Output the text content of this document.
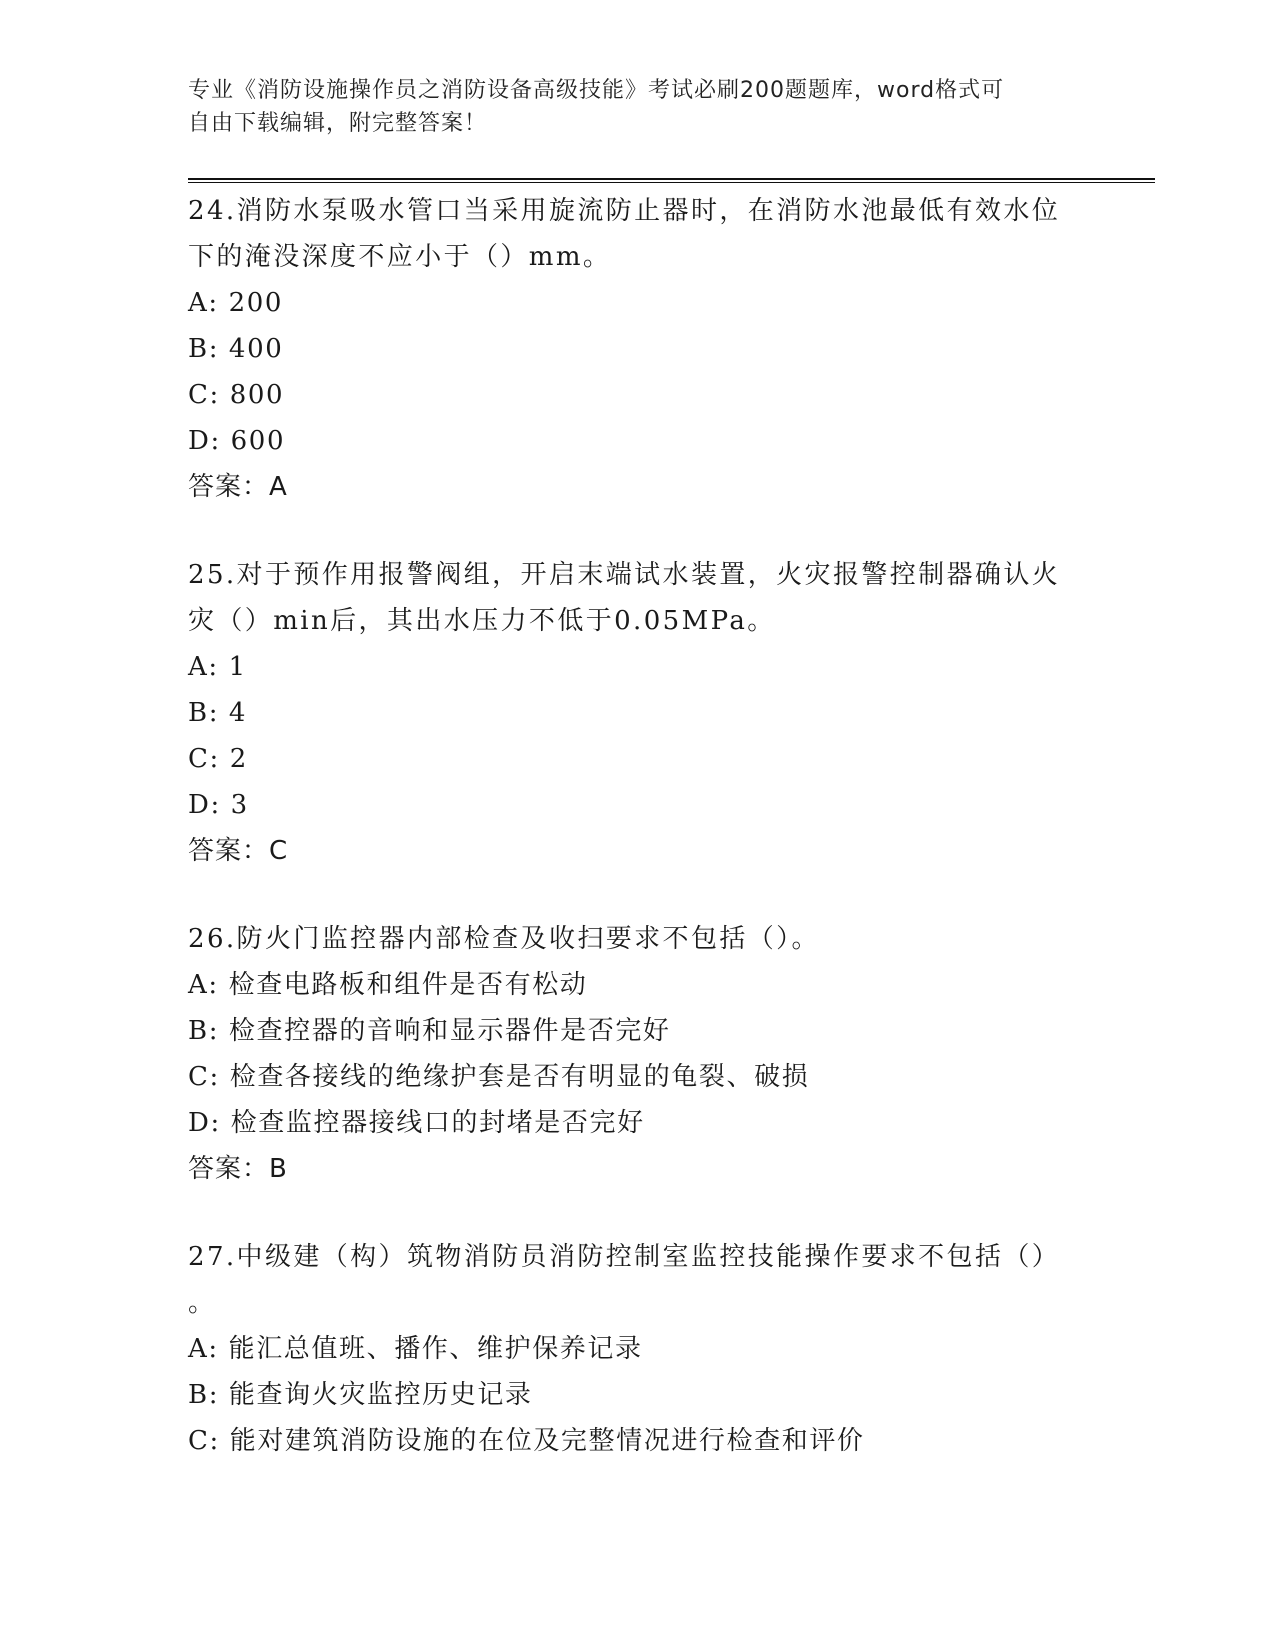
专业《消防设施操作员之消防设备高级技能》考试必刷200题题库，word格式可
自由下载编辑，附完整答案！
24.消防水泵吸水管口当采用旋流防止器时，在消防水池最低有效水位
下的淹没深度不应小于（）mm。
A: 200
B: 400
C: 800
D: 600
答案：A
25.对于预作用报警阀组，开启末端试水装置，火灾报警控制器确认火
灾（）min后，其出水压力不低于0.05MPa。
A: 1
B: 4
C: 2
D: 3
答案：C
26.防火门监控器内部检查及收扫要求不包括（）。
A: 检查电路板和组件是否有松动
B: 检查控器的音响和显示器件是否完好
C: 检查各接线的绝缘护套是否有明显的龟裂、破损
D: 检查监控器接线口的封堵是否完好
答案：B
27.中级建（构）筑物消防员消防控制室监控技能操作要求不包括（）
。
A: 能汇总值班、播作、维护保养记录
B: 能查询火灾监控历史记录
C: 能对建筑消防设施的在位及完整情况进行检查和评价
